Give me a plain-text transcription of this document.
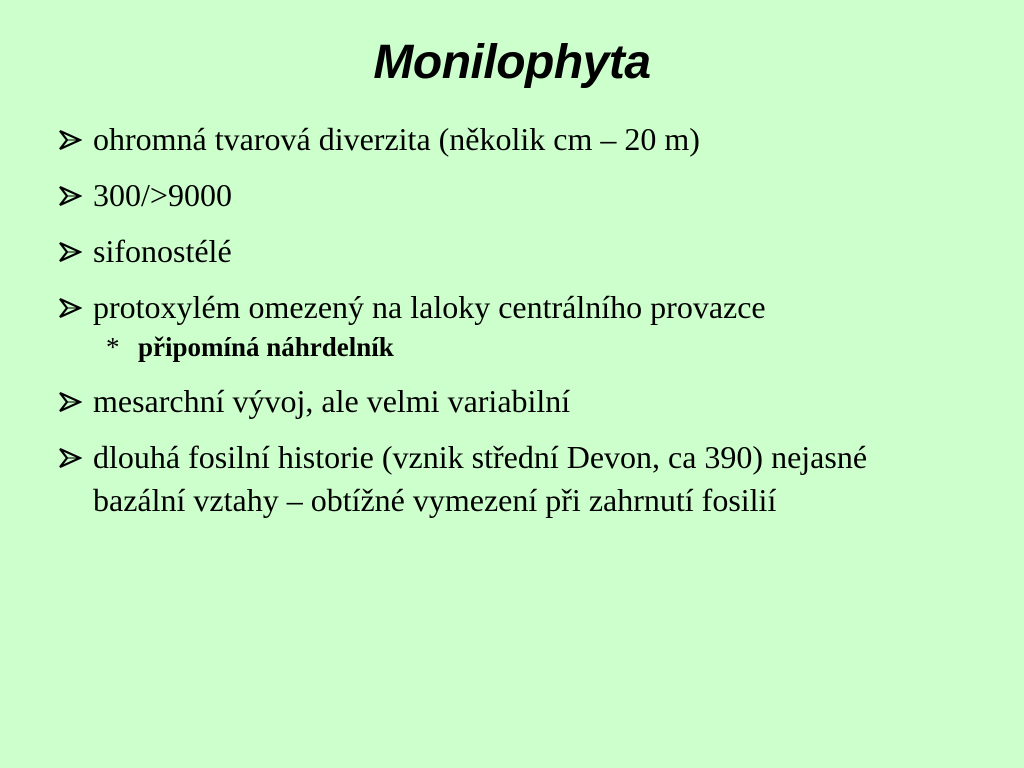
Monilophyta
ohromná tvarová diverzita (několik cm – 20 m)
300/>9000
sifonostélé
protoxylém omezený na laloky centrálního provazce
* připomíná náhrdelník
mesarchní vývoj, ale velmi variabilní
dlouhá fosilní historie (vznik střední Devon, ca 390) nejasné bazální vztahy – obtížné vymezení při zahrnutí fosilií
